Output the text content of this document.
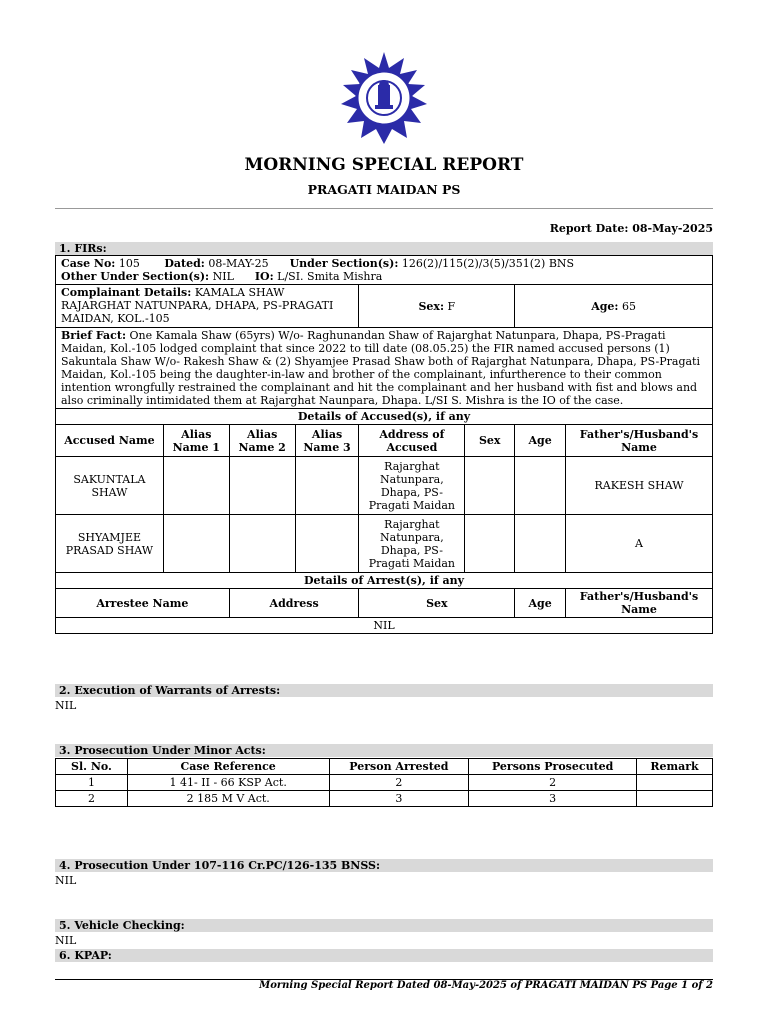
MORNING SPECIAL REPORT
PRAGATI MAIDAN PS
Report Date: 08-May-2025
1. FIRs:
Case No: 105 Dated: 08-MAY-25 Under Section(s): 126(2)/115(2)/3(5)/351(2) BNS
Other Under Section(s): NIL IO: L/SI. Smita Mishra							
Complainant Details: KAMALA SHAW
RAJARGHAT NATUNPARA, DHAPA, PS-PRAGATI MAIDAN, KOL.-105				Sex: F		Age: 65	
Brief Fact: One Kamala Shaw (65yrs) W/o- Raghunandan Shaw of Rajarghat Natunpara, Dhapa, PS-Pragati Maidan, Kol.-105 lodged complaint that since 2022 to till date (08.05.25) the FIR named accused persons (1) Sakuntala Shaw W/o- Rakesh Shaw & (2) Shyamjee Prasad Shaw both of Rajarghat Natunpara, Dhapa, PS-Pragati Maidan, Kol.-105 being the daughter-in-law and brother of the complainant, infurtherence to their common intention wrongfully restrained the complainant and hit the complainant and her husband with fist and blows and also criminally intimidated them at Rajarghat Naunpara, Dhapa. L/SI S. Mishra is the IO of the case.							
Details of Accused(s), if any							
Accused Name	Alias Name 1	Alias Name 2	Alias Name 3	Address of Accused	Sex	Age	Father's/Husband's Name
SAKUNTALA SHAW				Rajarghat Natunpara, Dhapa, PS-Pragati Maidan			RAKESH SHAW
SHYAMJEE PRASAD SHAW				Rajarghat Natunpara, Dhapa, PS-Pragati Maidan			A
Details of Arrest(s), if any							
Arrestee Name		Address		Sex		Age	Father's/Husband's Name
NIL							
2. Execution of Warrants of Arrests:
NIL
3. Prosecution Under Minor Acts:
Sl. No.	Case Reference	Person Arrested	Persons Prosecuted	Remark
1	1 41- II - 66 KSP Act.	2	2	
2	2 185 M V Act.	3	3	
4. Prosecution Under 107-116 Cr.PC/126-135 BNSS:
NIL
5. Vehicle Checking:
NIL
6. KPAP:
Morning Special Report Dated 08-May-2025 of PRAGATI MAIDAN PS Page 1 of 2
